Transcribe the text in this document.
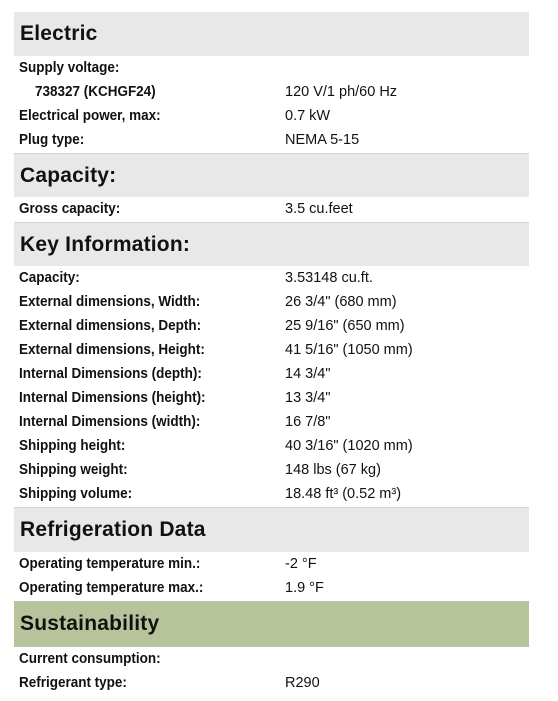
Electric
Supply voltage:
738327 (KCHGF24)	120 V/1 ph/60 Hz
Electrical power, max:	0.7 kW
Plug type:	NEMA 5-15
Capacity:
Gross capacity:	3.5 cu.feet
Key Information:
Capacity:	3.53148 cu.ft.
External dimensions, Width:	26 3/4" (680 mm)
External dimensions, Depth:	25 9/16" (650 mm)
External dimensions, Height:	41 5/16" (1050 mm)
Internal Dimensions (depth):	14 3/4"
Internal Dimensions (height):	13 3/4"
Internal Dimensions (width):	16 7/8"
Shipping height:	40 3/16" (1020 mm)
Shipping weight:	148 lbs (67 kg)
Shipping volume:	18.48 ft³ (0.52 m³)
Refrigeration Data
Operating temperature min.:	-2 °F
Operating temperature max.:	1.9 °F
Sustainability
Current consumption:
Refrigerant type:	R290
